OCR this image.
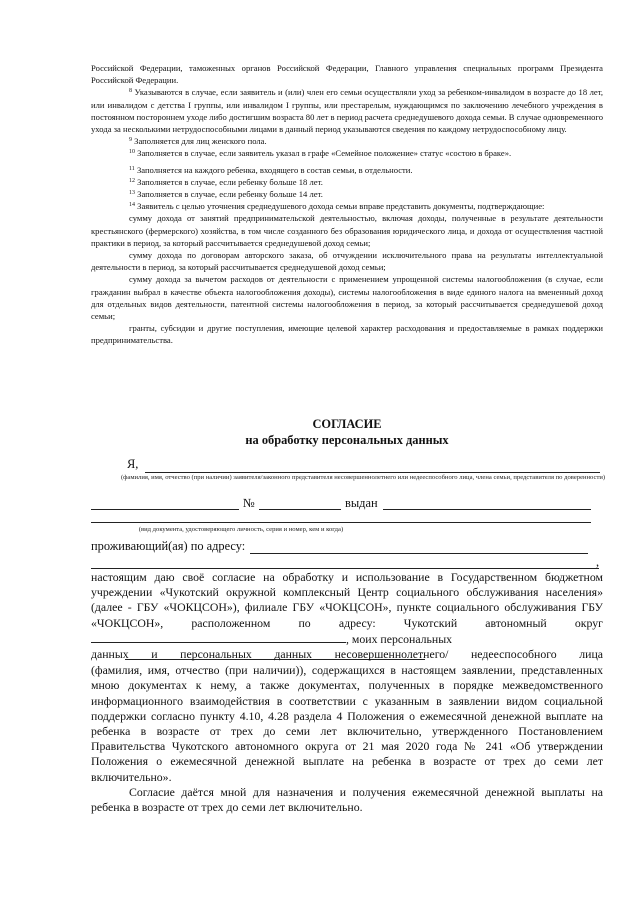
Российской Федерации, таможенных органов Российской Федерации, Главного управления специальных программ Президента Российской Федерации.

$^8$ Указываются в случае, если заявитель и (или) член его семьи осуществляли уход за ребенком-инвалидом в возрасте до 18 лет, или инвалидом с детства I группы, или инвалидом I группы, или престарелым, нуждающимся по заключению лечебного учреждения в постоянном постороннем уходе либо достигшим возраста 80 лет в период расчета среднедушевого дохода семьи. В случае одновременного ухода за несколькими нетрудоспособными лицами в данный период указываются сведения по каждому нетрудоспособному лицу.

$^9$ Заполняется для лиц женского пола.

$^{10}$ Заполняется в случае, если заявитель указал в графе «Семейное положение» статус «состою в браке».

$^{11}$ Заполняется на каждого ребенка, входящего в состав семьи, в отдельности.

$^{12}$ Заполняется в случае, если ребенку больше 18 лет.

$^{13}$ Заполняется в случае, если ребенку больше 14 лет.

$^{14}$ Заявитель с целью уточнения среднедушевого дохода семьи вправе представить документы, подтверждающие:

сумму дохода от занятий предпринимательской деятельностью, включая доходы, полученные в результате деятельности крестьянского (фермерского) хозяйства, в том числе созданного без образования юридического лица, и дохода от осуществления частной практики в период, за который рассчитывается среднедушевой доход семьи;

сумму дохода по договорам авторского заказа, об отчуждении исключительного права на результаты интеллектуальной деятельности в период, за который рассчитывается среднедушевой доход семьи;

сумму дохода за вычетом расходов от деятельности с применением упрощенной системы налогообложения (в случае, если гражданин выбрал в качестве объекта налогообложения доходы), системы налогообложения в виде единого налога на вмененный доход для отдельных видов деятельности, патентной системы налогообложения в период, за который рассчитывается среднедушевой доход семьи;

гранты, субсидии и другие поступления, имеющие целевой характер расходования и предоставляемые в рамках поддержки предпринимательства.

СОГЛАСИЕ
на обработку персональных данных
Я,
(фамилия, имя, отчество (при наличии) заявителя/законного представителя несовершеннолетнего или недееспособного лица, члена семьи, представителя по доверенности)
№	выдан
(вид документа, удостоверяющего личность, серия и номер, кем и когда)
проживающий(ая) по адресу:
,

настоящим даю своё согласие на обработку и использование в Государственном бюджетном учреждении «Чукотский окружной комплексный Центр социального обслуживания населения» (далее - ГБУ «ЧОКЦСОН»), филиале ГБУ «ЧОКЦСОН», пункте социального обслуживания ГБУ «ЧОКЦСОН», расположенном по адресу: Чукотский автономный округ, моих персональных

данных и персональных данных несовершеннолетнего/ недееспособного лица

(фамилия, имя, отчество (при наличии)), содержащихся в настоящем заявлении, представленных мною документах к нему, а также документах, полученных в порядке межведомственного информационного взаимодействия в соответствии с указанным в заявлении видом социальной поддержки согласно пункту 4.10, 4.28 раздела 4 Положения о ежемесячной денежной выплате на ребенка в возрасте от трех до семи лет включительно, утвержденного Постановлением Правительства Чукотского автономного округа от 21 мая 2020 года № 241 «Об утверждении Положения о ежемесячной денежной выплате на ребенка в возрасте от трех до семи лет включительно».

Согласие даётся мной для назначения и получения ежемесячной денежной выплаты на ребенка в возрасте от трех до семи лет включительно.
